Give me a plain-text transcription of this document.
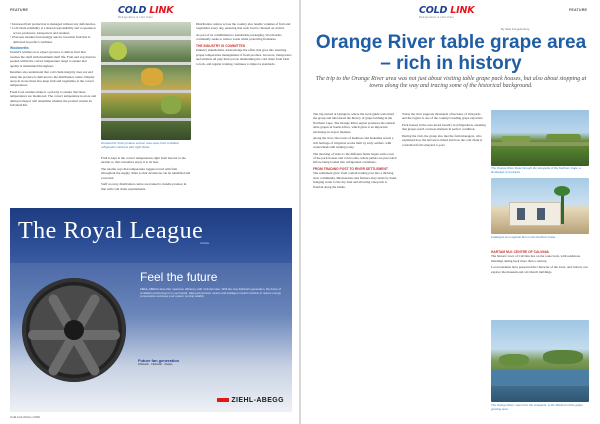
FEATURE	COLD LINK
Refrigeration & cold chain
• Increased fruit production is managed without any deficiencies.
• Cold chain reliability is a shared responsibility and cooperation across producers, transporters and retailers.
• Overseas retailers increasingly ask for traceable fruit that is delivered in perfect condition.
Woolworths

Ireland's retailers now expect growers to deliver fruit that reaches the shelf with maximum shelf life. Fruit and veg must be packed within the correct temperature range to ensure that quality is maintained throughout.

Retailers also understand that cold chain integrity does not end when the produce is delivered to the distribution centre. Display areas in stores must also keep fruit and vegetables at the correct temperatures.

Fresh food retailers make it a priority to ensure that these temperatures are monitored. The correct temperature in-store and during transport will determine whether the product retains its full shelf life.

Woolworths' fresh produce section uses open-front multideck refrigeration cabinets with night blinds.

Fruit is kept at the correct temperatures right from harvest to the retailer so that customers enjoy it at its best.

The retailer says that temperature loggers travel with fruit throughout the supply chain so that deviations can be identified and corrected.

Staff at every distribution centre are trained to handle produce in line with cold chain requirements.

Distribution centres across the country also handle volumes of fruit and vegetables every day, ensuring that each load is checked on arrival.

As part of its commitment to sustainable packaging, Woolworths continually seeks to reduce waste while protecting freshness.

THE INDUSTRY IS COMMITTED

Industry stakeholders acknowledge the effort that goes into ensuring proper temperature management of fresh produce. Growers, transporters and retailers all play their part in maintaining the cold chain from farm to fork, and regular training continues to improve standards.

The Royal League
of fans
Feel the future
ZIEHL-ABEGG fans offer maximum efficiency with minimal noise. With the new ZAbluefin generation, the future of ventilation technology is in your hands. High-performance motors and intelligent control combine to reduce energy consumption and keep your system running reliably.
Future fan generation
ZAbluefin · FE2owlet · ZAplus
ZIEHL-ABEGG
Cold Link Africa | 2016
COLD LINK
Refrigeration & cold chain
FEATURE
By Ilana Koegelenberg
Orange River table grape area – rich in history
The trip to the Orange River area was not just about visiting table grape pack houses, but also about stopping at towns along the way and tracing some of the historical background.

The trip started at Upington, where the local guide welcomed the group and introduced the history of grape farming in the Northern Cape. The Orange River region produces the earliest table grapes in South Africa, which gives it an important advantage in export markets.

Along the river, the towns of Keimoes and Kakamas reveal a rich heritage of irrigation works built by early settlers, with waterwheels still turning today.

The morning of visits to the different farms began with a tour of the pack houses and cold rooms, where pallets are precooled before being loaded into refrigerated containers.

FROM TRADING POST TO RIVER SETTLEMENT

The settlement grew from a small trading post into a thriving river community. Missionaries and farmers dug canals by hand, bringing water to the dry land and allowing vineyards to flourish along the banks.

Today the river supports thousands of hectares of vineyards and the region is one of the country's leading grape exporters.

Pack houses in the area invest heavily in refrigeration, ensuring that grapes reach overseas markets in perfect condition.

During the visit, the group also met the farm managers, who explained how the harvest is timed and how the cold chain is controlled from vineyard to port.

The Orange River flows through the vineyards of the Northern Cape, a landscape of contrasts.
Catalogue at a regional farm in the Northern Cape.
HARTAM NUI: CENTRE OF CALVINIA

The historic town of Calvinia lies on the route back, with sandstone buildings dating back more than a century.

Local residents have preserved the character of the town, and visitors can explore the museum and old church buildings.

The Orange River, seen from the vineyards, is the lifeblood of the grape growing area.
